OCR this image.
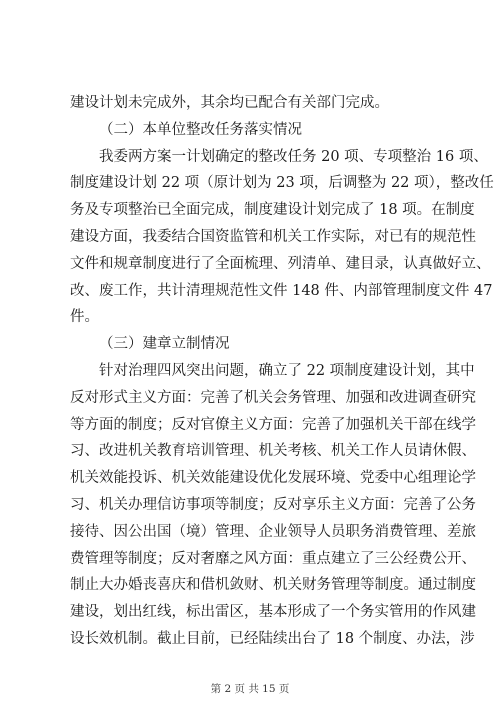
建设计划未完成外，其余均已配合有关部门完成。
（二）本单位整改任务落实情况
我委两方案一计划确定的整改任务 20 项、专项整治 16 项、
制度建设计划 22 项（原计划为 23 项，后调整为 22 项），整改任
务及专项整治已全面完成，制度建设计划完成了 18 项。在制度
建设方面，我委结合国资监管和机关工作实际，对已有的规范性
文件和规章制度进行了全面梳理、列清单、建目录，认真做好立、
改、废工作，共计清理规范性文件 148 件、内部管理制度文件 47
件。
（三）建章立制情况
针对治理四风突出问题，确立了 22 项制度建设计划，其中
反对形式主义方面：完善了机关会务管理、加强和改进调查研究
等方面的制度；反对官僚主义方面：完善了加强机关干部在线学
习、改进机关教育培训管理、机关考核、机关工作人员请休假、
机关效能投诉、机关效能建设优化发展环境、党委中心组理论学
习、机关办理信访事项等制度；反对享乐主义方面：完善了公务
接待、因公出国（境）管理、企业领导人员职务消费管理、差旅
费管理等制度；反对奢靡之风方面：重点建立了三公经费公开、
制止大办婚丧喜庆和借机敛财、机关财务管理等制度。通过制度
建设，划出红线，标出雷区，基本形成了一个务实管用的作风建
设长效机制。截止目前，已经陆续出台了 18 个制度、办法，涉
第 2 页 共 15 页
